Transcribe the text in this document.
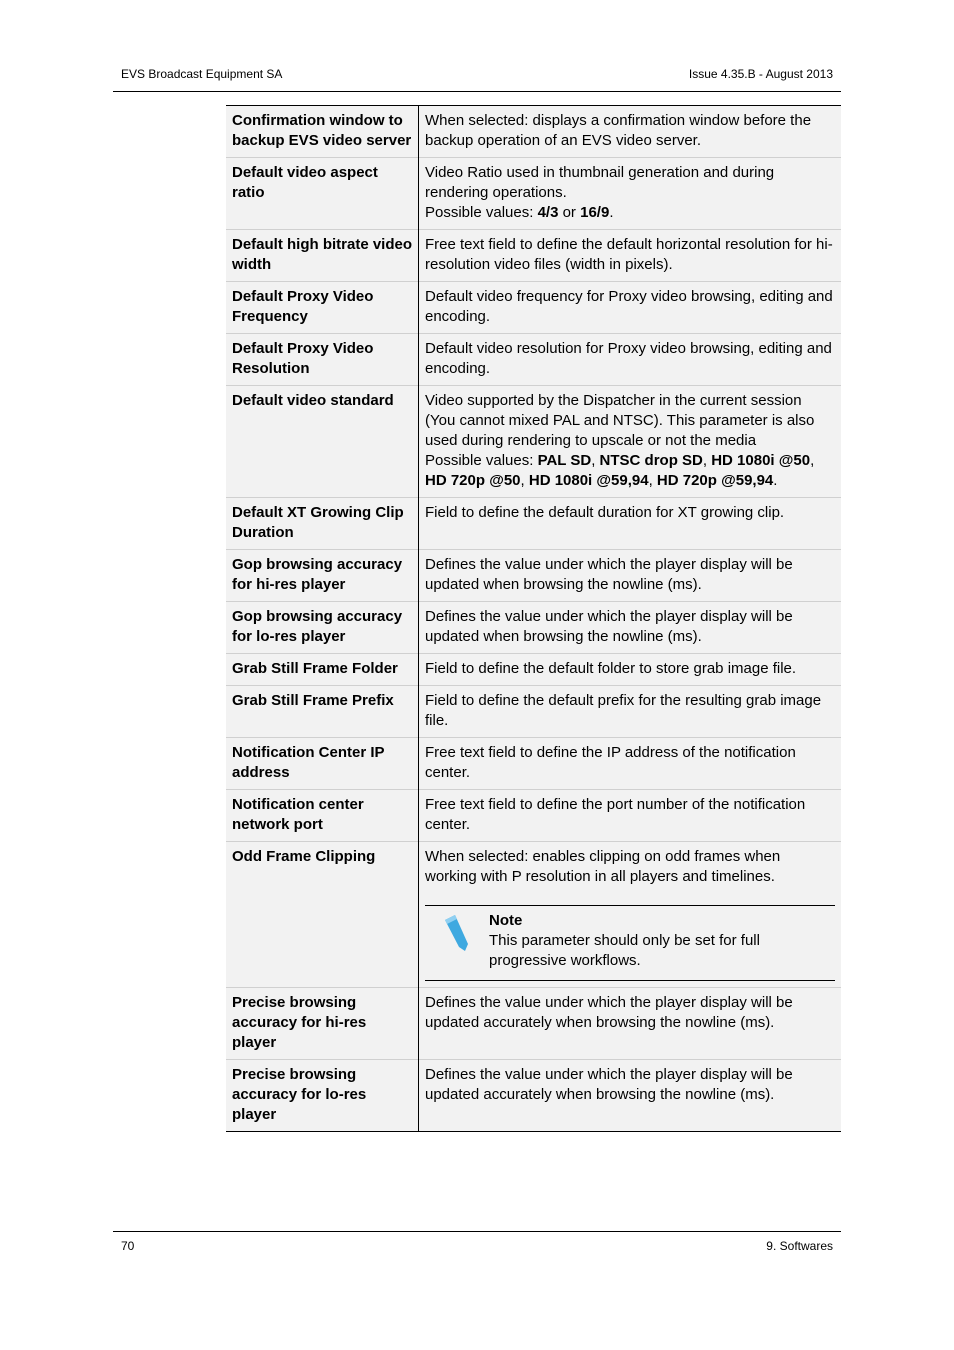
EVS Broadcast Equipment SA	Issue 4.35.B - August 2013
Confirmation window to backup EVS video server	When selected: displays a confirmation window before the backup operation of an EVS video server.
Default video aspect ratio	Video Ratio used in thumbnail generation and during rendering operations.
Possible values: 4/3 or 16/9.
Default high bitrate video width	Free text field to define the default horizontal resolution for hi-resolution video files (width in pixels).
Default Proxy Video Frequency	Default video frequency for Proxy video browsing, editing and encoding.
Default Proxy Video Resolution	Default video resolution for Proxy video browsing, editing and encoding.
Default video standard	Video supported by the Dispatcher in the current session (You cannot mixed PAL and NTSC). This parameter is also used during rendering to upscale or not the media
Possible values: PAL SD, NTSC drop SD, HD 1080i @50, HD 720p @50, HD 1080i @59,94, HD 720p @59,94.
Default XT Growing Clip Duration	Field to define the default duration for XT growing clip.
Gop browsing accuracy for hi-res player	Defines the value under which the player display will be updated when browsing the nowline (ms).
Gop browsing accuracy for lo-res player	Defines the value under which the player display will be updated when browsing the nowline (ms).
Grab Still Frame Folder	Field to define the default folder to store grab image file.
Grab Still Frame Prefix	Field to define the default prefix for the resulting grab image file.
Notification Center IP address	Free text field to define the IP address of the notification center.
Notification center network port	Free text field to define the port number of the notification center.
Odd Frame Clipping	When selected: enables clipping on odd frames when working with P resolution in all players and timelines.
Note
This parameter should only be set for full progressive workflows.

Precise browsing accuracy for hi-res player	Defines the value under which the player display will be updated accurately when browsing the nowline (ms).
Precise browsing accuracy for lo-res player	Defines the value under which the player display will be updated accurately when browsing the nowline (ms).
70	9. Softwares
